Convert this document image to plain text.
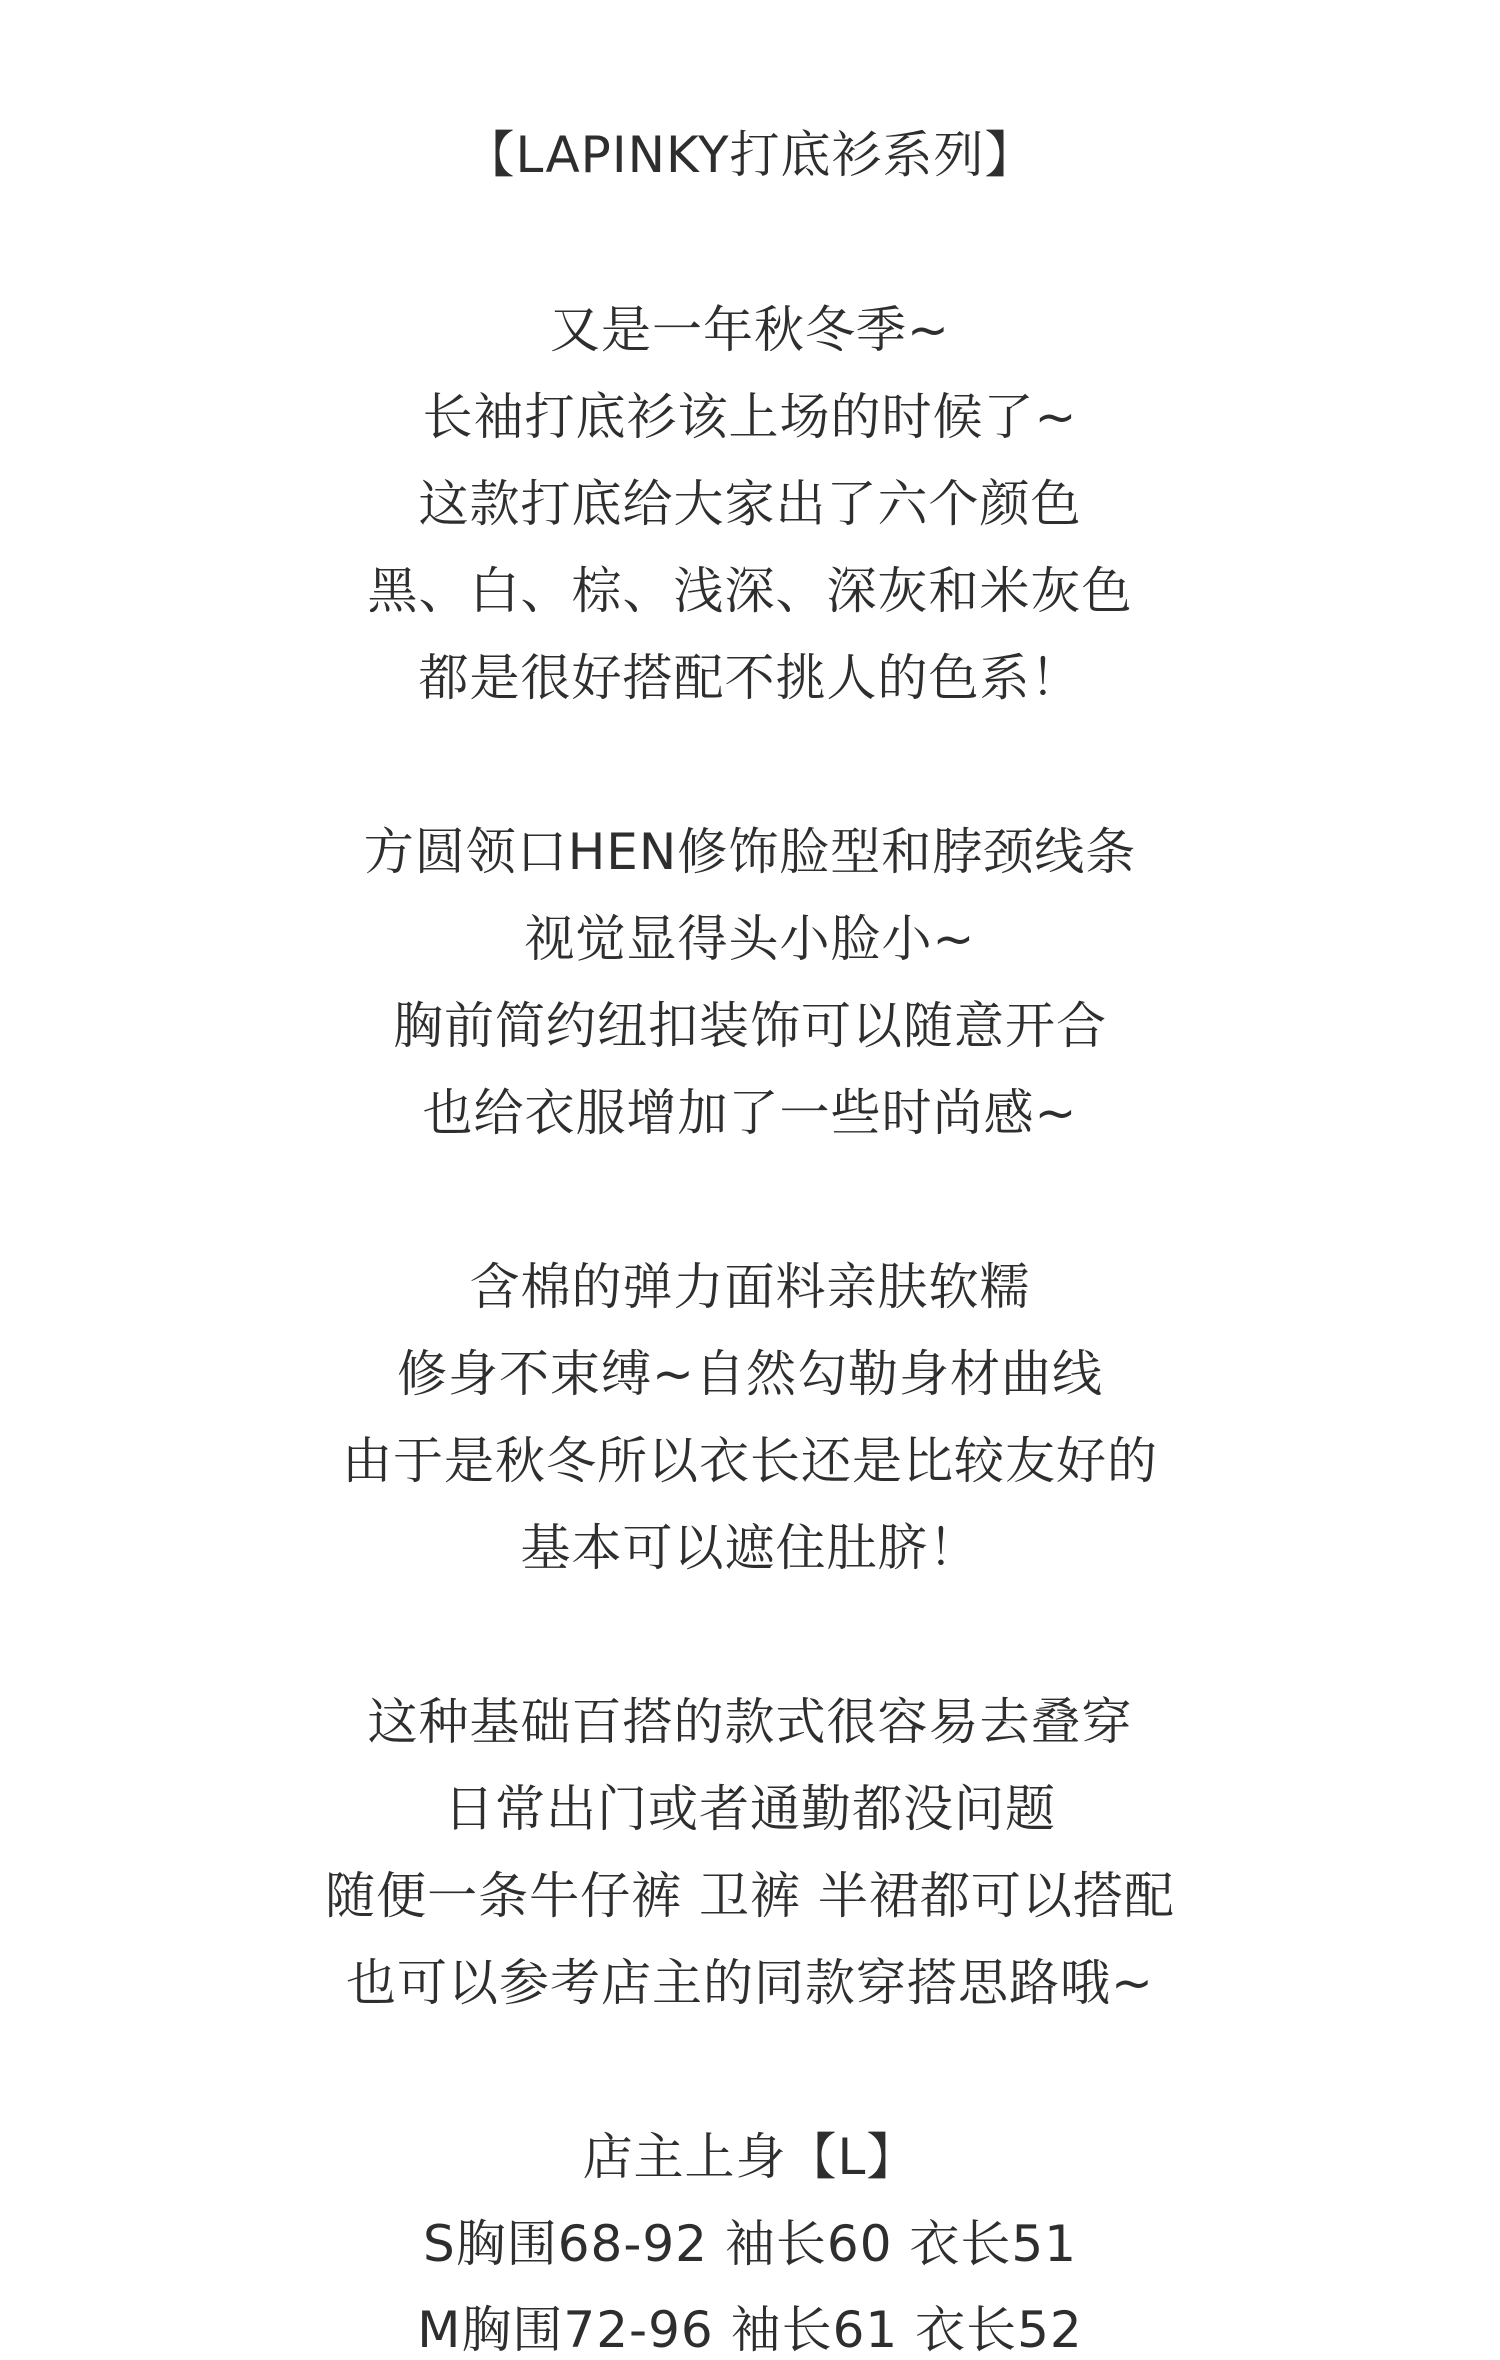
【LAPINKY打底衫系列】
又是一年秋冬季~
长袖打底衫该上场的时候了~
这款打底给大家出了六个颜色
黑、白、棕、浅深、深灰和米灰色
都是很好搭配不挑人的色系！
方圆领口HEN修饰脸型和脖颈线条
视觉显得头小脸小~
胸前简约纽扣装饰可以随意开合
也给衣服增加了一些时尚感~
含棉的弹力面料亲肤软糯
修身不束缚~自然勾勒身材曲线
由于是秋冬所以衣长还是比较友好的
基本可以遮住肚脐！
这种基础百搭的款式很容易去叠穿
日常出门或者通勤都没问题
随便一条牛仔裤 卫裤 半裙都可以搭配
也可以参考店主的同款穿搭思路哦~
店主上身【L】
S胸围68-92 袖长60 衣长51
M胸围72-96 袖长61 衣长52
